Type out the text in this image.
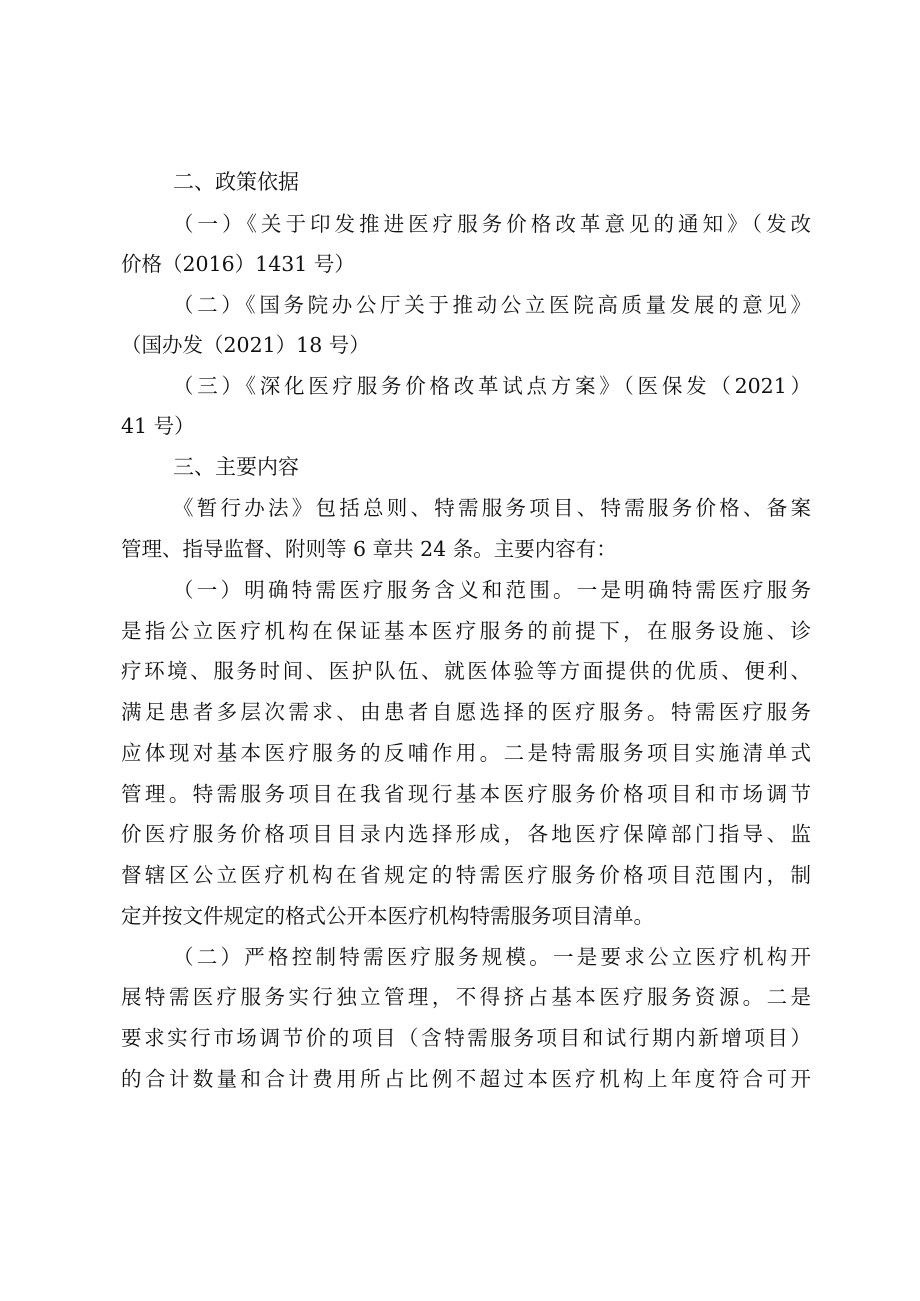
二、政策依据
（一）《关于印发推进医疗服务价格改革意见的通知》（发改
价格（2016）1431 号）
（二）《国务院办公厅关于推动公立医院高质量发展的意见》
（国办发（2021）18 号）
（三）《深化医疗服务价格改革试点方案》（医保发（2021）
41 号）
三、主要内容
《暂行办法》包括总则、特需服务项目、特需服务价格、备案
管理、指导监督、附则等 6 章共 24 条。主要内容有：
（一）明确特需医疗服务含义和范围。一是明确特需医疗服务
是指公立医疗机构在保证基本医疗服务的前提下，在服务设施、诊
疗环境、服务时间、医护队伍、就医体验等方面提供的优质、便利、
满足患者多层次需求、由患者自愿选择的医疗服务。特需医疗服务
应体现对基本医疗服务的反哺作用。二是特需服务项目实施清单式
管理。特需服务项目在我省现行基本医疗服务价格项目和市场调节
价医疗服务价格项目目录内选择形成，各地医疗保障部门指导、监
督辖区公立医疗机构在省规定的特需医疗服务价格项目范围内，制
定并按文件规定的格式公开本医疗机构特需服务项目清单。
（二）严格控制特需医疗服务规模。一是要求公立医疗机构开
展特需医疗服务实行独立管理，不得挤占基本医疗服务资源。二是
要求实行市场调节价的项目（含特需服务项目和试行期内新增项目）
的合计数量和合计费用所占比例不超过本医疗机构上年度符合可开
